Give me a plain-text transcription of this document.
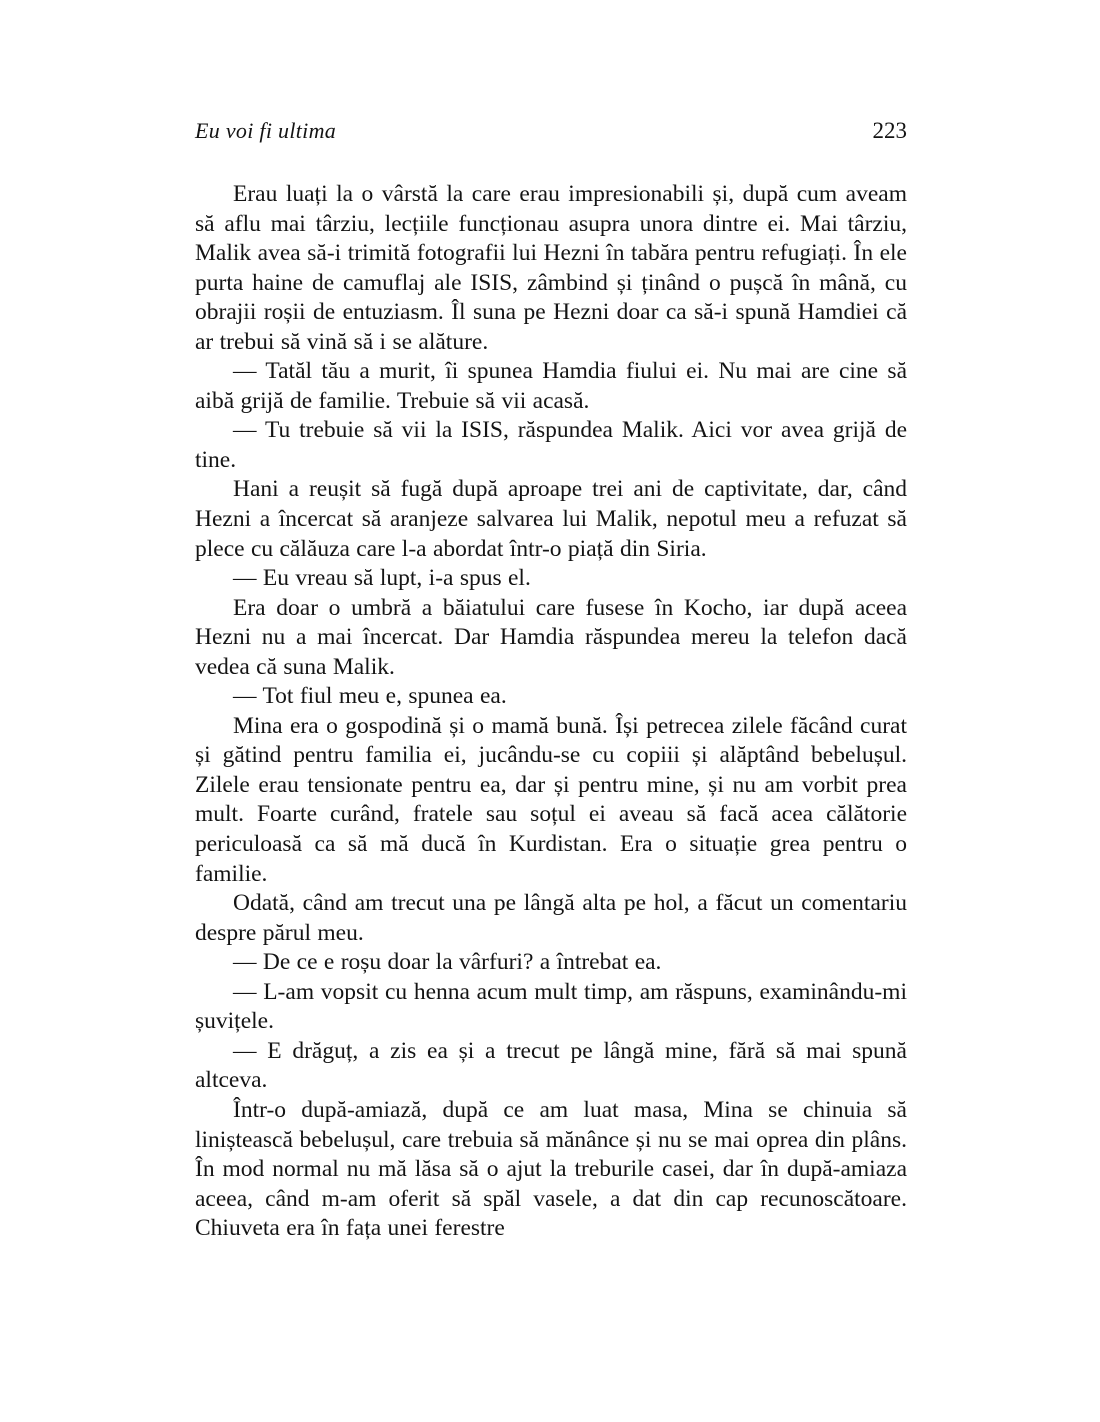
Eu voi fi ultima	223

Erau luați la o vârstă la care erau impresionabili și, după cum aveam să aflu mai târziu, lecțiile funcționau asupra unora dintre ei. Mai târziu, Malik avea să-i trimită fotografii lui Hezni în tabăra pentru refugiați. În ele purta haine de camuflaj ale ISIS, zâmbind și ținând o pușcă în mână, cu obrajii roșii de entuziasm. Îl suna pe Hezni doar ca să-i spună Hamdiei că ar trebui să vină să i se alăture.

— Tatăl tău a murit, îi spunea Hamdia fiului ei. Nu mai are cine să aibă grijă de familie. Trebuie să vii acasă.

— Tu trebuie să vii la ISIS, răspundea Malik. Aici vor avea grijă de tine.

Hani a reușit să fugă după aproape trei ani de captivitate, dar, când Hezni a încercat să aranjeze salvarea lui Malik, nepotul meu a refuzat să plece cu călăuza care l-a abordat într-o piață din Siria.

— Eu vreau să lupt, i-a spus el.

Era doar o umbră a băiatului care fusese în Kocho, iar după aceea Hezni nu a mai încercat. Dar Hamdia răspundea mereu la telefon dacă vedea că suna Malik.

— Tot fiul meu e, spunea ea.

Mina era o gospodină și o mamă bună. Își petrecea zilele făcând curat și gătind pentru familia ei, jucându-se cu copiii și alăptând bebelușul. Zilele erau tensionate pentru ea, dar și pentru mine, și nu am vorbit prea mult. Foarte curând, fratele sau soțul ei aveau să facă acea călătorie periculoasă ca să mă ducă în Kurdistan. Era o situație grea pentru o familie.

Odată, când am trecut una pe lângă alta pe hol, a făcut un comentariu despre părul meu.

— De ce e roșu doar la vârfuri? a întrebat ea.

— L-am vopsit cu henna acum mult timp, am răspuns, examinându-mi șuvițele.

— E drăguț, a zis ea și a trecut pe lângă mine, fără să mai spună altceva.

Într-o după-amiază, după ce am luat masa, Mina se chinuia să liniștească bebelușul, care trebuia să mănânce și nu se mai oprea din plâns. În mod normal nu mă lăsa să o ajut la treburile casei, dar în după-amiaza aceea, când m-am oferit să spăl vasele, a dat din cap recunoscătoare. Chiuveta era în fața unei ferestre
